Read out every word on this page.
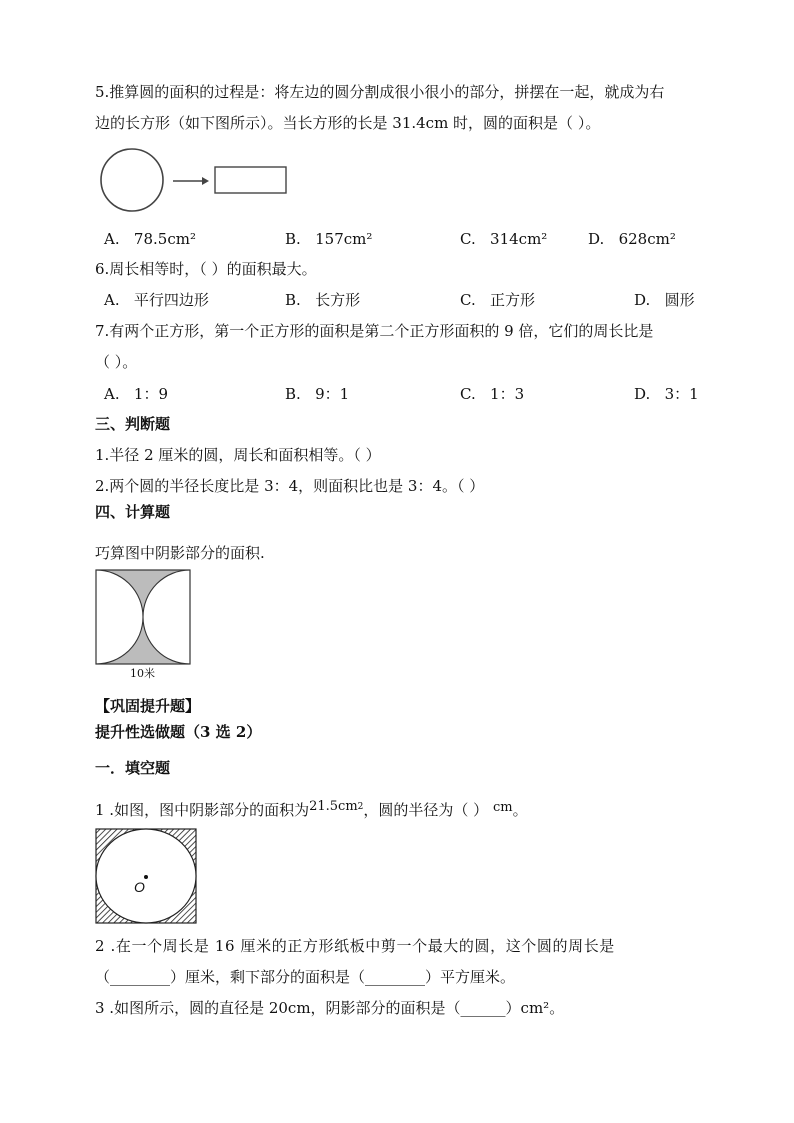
5.推算圆的面积的过程是：将左边的圆分割成很小很小的部分，拼摆在一起，就成为右
边的长方形（如下图所示）。当长方形的长是 31.4cm 时，圆的面积是（ ）。
A. 78.5cm²	B. 157cm²	C. 314cm²	D. 628cm²
6.周长相等时，（ ）的面积最大。
A. 平行四边形	B. 长方形	C. 正方形	D. 圆形
7.有两个正方形，第一个正方形的面积是第二个正方形面积的 9 倍，它们的周长比是
（ ）。
A. 1：9	B. 9：1	C. 1：3	D. 3：1
三、判断题
1.半径 2 厘米的圆，周长和面积相等。（ ）
2.两个圆的半径长度比是 3：4，则面积比也是 3：4。（ ）
四、计算题
巧算图中阴影部分的面积.
10米
【巩固提升题】
提升性选做题（3 选 2）
一．填空题
1 .如图，图中阴影部分的面积为$21.5cm^2$，圆的半径为（ ） cm。
O
2 .在一个周长是 16 厘米的正方形纸板中剪一个最大的圆，这个圆的周长是
（________）厘米，剩下部分的面积是（________）平方厘米。
3 .如图所示，圆的直径是 20cm，阴影部分的面积是（______）cm²。
